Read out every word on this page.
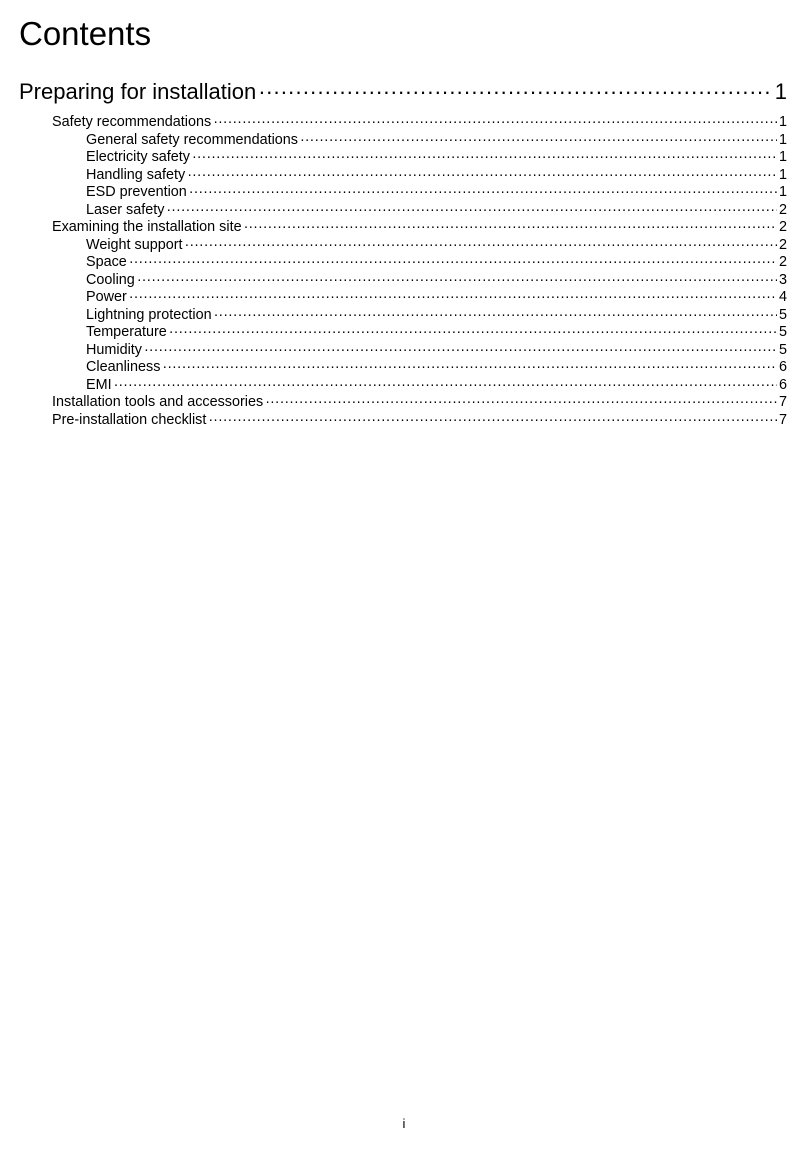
Contents
Preparing for installation ·····	1
Safety recommendations ·····	1
General safety recommendations ·····	1
Electricity safety ·····	1
Handling safety ·····	1
ESD prevention ·····	1
Laser safety ·····	2
Examining the installation site ·····	2
Weight support ·····	2
Space ·····	2
Cooling ·····	3
Power ·····	4
Lightning protection ·····	5
Temperature ·····	5
Humidity ·····	5
Cleanliness ·····	6
EMI ·····	6
Installation tools and accessories ·····	7
Pre-installation checklist ·····	7
i
